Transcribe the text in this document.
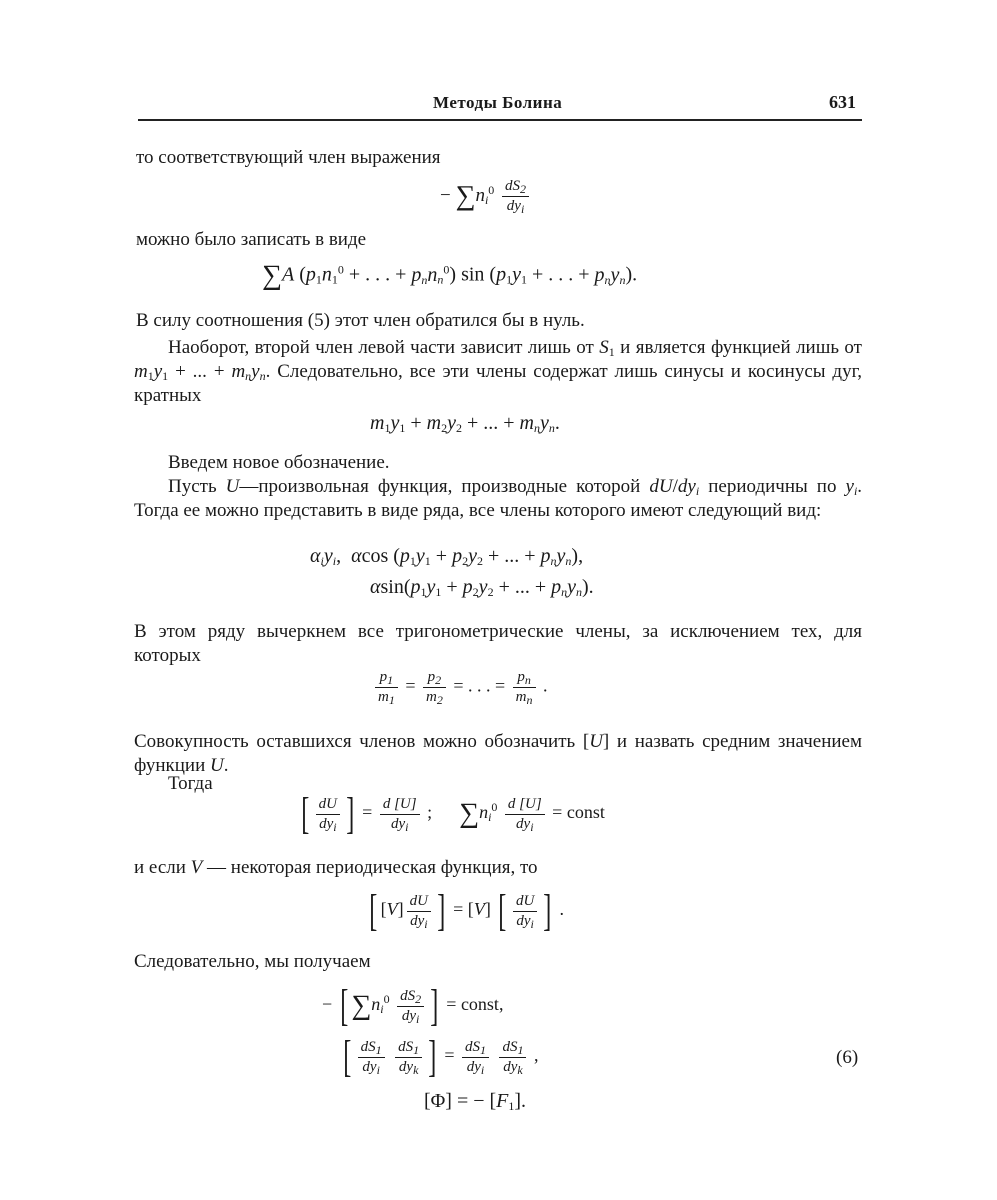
Методы Болина	631
то соответствующий член выражения
− $\sum n_i^0 \frac{dS_2}{dy_i}$
можно было записать в виде
∑A ($p_1n_1^0$ + . . . + $p_nn_n^0$) $\sin (p_1y_1$ + . . . + $p_ny_n$).
В силу соотношения (5) этот член обратился бы в нуль.
Наоборот, второй член левой части зависит лишь от $S_1$ и является функцией лишь от $m_1y_1$ + ... + $m_ny_n$. Следовательно, все эти члены содержат лишь синусы и косинусы дуг, кратных
$m_1y_1 + m_2y_2$ + ... + $m_ny_n$.
Введем новое обозначение.
Пусть U—произвольная функция, производные которой $dU/dy_i$ периодичны по $y_i$. Тогда ее можно представить в виде ряда, все члены которого имеют следующий вид:
$\alpha_iy_i$,  αcos ($p_1y_1 + p_2y_2$ + ... + $p_ny_n$),
$\alpha\sin(p_1y_1 + p_2y_2$ + ... + $p_ny_n$).
В этом ряду вычеркнем все тригонометрические члены, за исключением тех, для которых
$\frac{p_1}{m_1} = \frac{p_2}{m_2}$ = . . . = $\frac{p_n}{m_n}$ .
Совокупность оставшихся членов можно обозначить [U] и назвать средним значением функции U.
Тогда
[ $\frac{dU}{dy_i}$ ] = $\frac{d [U]}{dy_i}$ ;      $\sum n_i^0 \frac{d [U]}{dy_i}$ = const
и если V — некоторая периодическая функция, то
[ $[V] \frac{dU}{dy_i}$ ] = [V] [ $\frac{dU}{dy_i}$ ] .
Следовательно, мы получаем
− [ $\sum n_i^0 \frac{dS_2}{dy_i}$ ] = const,
[ $\frac{dS_1}{dy_i}$
$\frac{dS_1}{dy_k}$ ] = $\frac{dS_1}{dy_i}$
$\frac{dS_1}{dy_k}$ ,
[Φ] = − $[F_1]$.
(6)
